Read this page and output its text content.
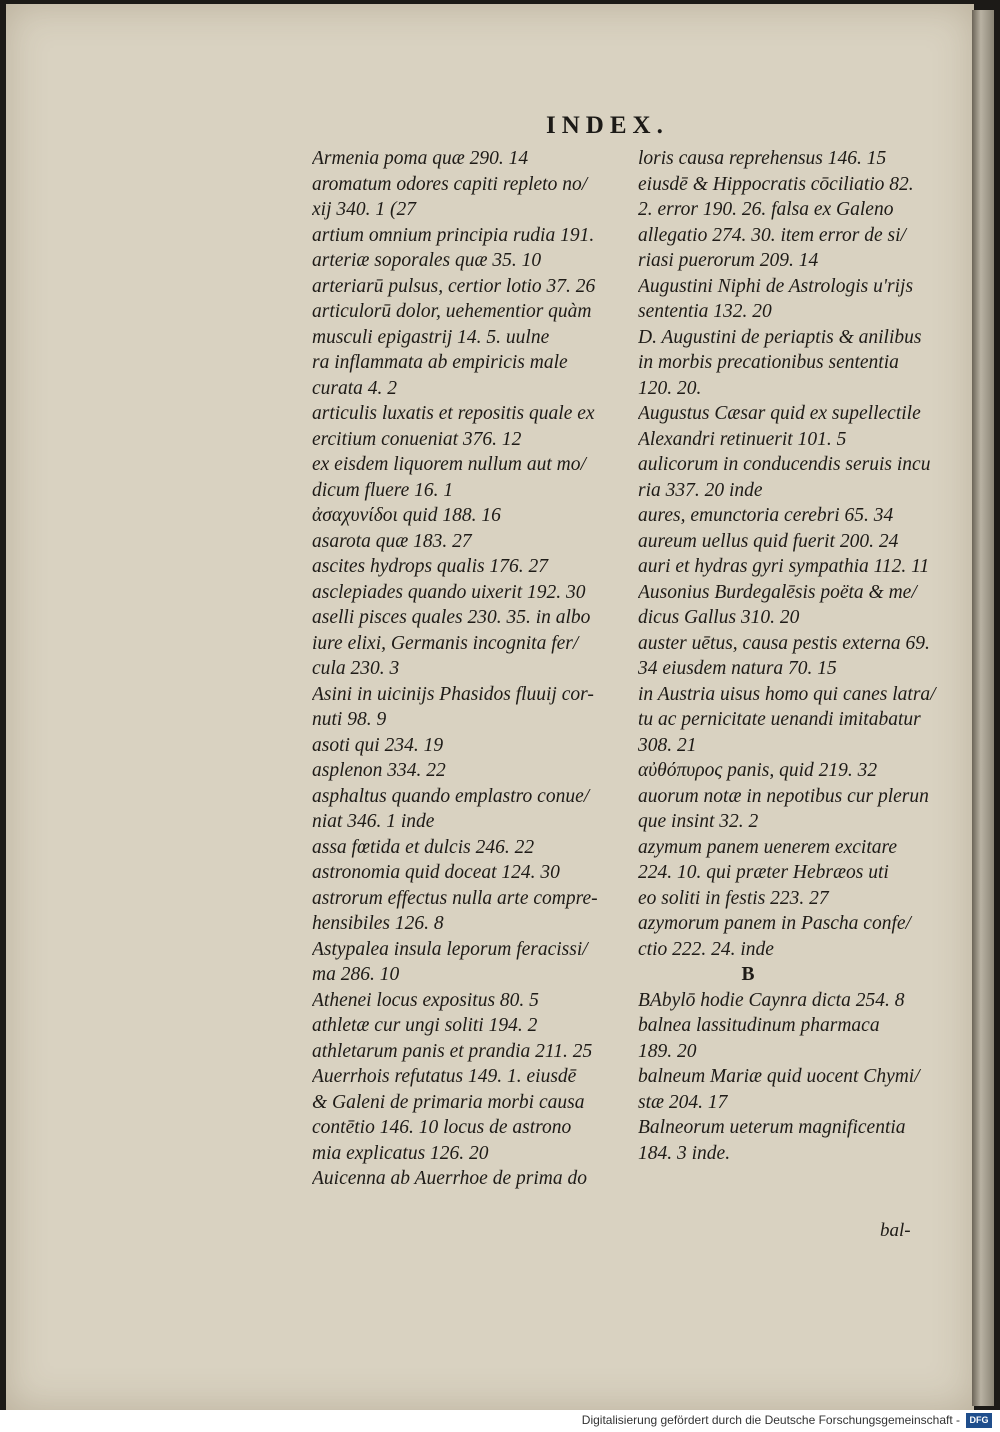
INDEX.
Armenia poma quæ 290. 14
aromatum odores capiti repleto no/
xij 340. 1 (27
artium omnium principia rudia 191.
arteriæ soporales quæ 35. 10
arteriarū pulsus, certior lotio 37. 26
articulorū dolor, uehementior quàm
musculi epigastrij 14. 5. uulne
ra inflammata ab empiricis male
curata 4. 2
articulis luxatis et repositis quale ex
ercitium conueniat 376. 12
ex eisdem liquorem nullum aut mo/
dicum fluere 16. 1
ἀσαχυνίδοι quid 188. 16
asarota quæ 183. 27
ascites hydrops qualis 176. 27
asclepiades quando uixerit 192. 30
aselli pisces quales 230. 35. in albo
iure elixi, Germanis incognita fer/
cula 230. 3
Asini in uicinijs Phasidos fluuij cor-
nuti 98. 9
asoti qui 234. 19
asplenon 334. 22
asphaltus quando emplastro conue/
niat 346. 1 inde
assa fœtida et dulcis 246. 22
astronomia quid doceat 124. 30
astrorum effectus nulla arte compre-
hensibiles 126. 8
Astypalea insula leporum feracissi/
ma 286. 10
Athenei locus expositus 80. 5
athletæ cur ungi soliti 194. 2
athletarum panis et prandia 211. 25
Auerrhois refutatus 149. 1. eiusdē
& Galeni de primaria morbi causa
contētio 146. 10 locus de astrono
mia explicatus 126. 20
Auicenna ab Auerrhoe de prima do
loris causa reprehensus 146. 15
eiusdē & Hippocratis cōciliatio 82.
2. error 190. 26. falsa ex Galeno
allegatio 274. 30. item error de si/
riasi puerorum 209. 14
Augustini Niphi de Astrologis u'rijs
sententia 132. 20
D. Augustini de periaptis & anilibus
in morbis precationibus sententia
120. 20.
Augustus Cæsar quid ex supellectile
Alexandri retinuerit 101. 5
aulicorum in conducendis seruis incu
ria 337. 20 inde
aures, emunctoria cerebri 65. 34
aureum uellus quid fuerit 200. 24
auri et hydras gyri sympathia 112. 11
Ausonius Burdegalēsis poëta & me/
dicus Gallus 310. 20
auster uētus, causa pestis externa 69.
34 eiusdem natura 70. 15
in Austria uisus homo qui canes latra/
tu ac pernicitate uenandi imitabatur
308. 21
αὐθόπυρος panis, quid 219. 32
auorum notæ in nepotibus cur plerun
que insint 32. 2
azymum panem uenerem excitare
224. 10. qui præter Hebræos uti
eo soliti in festis 223. 27
azymorum panem in Pascha confe/
ctio 222. 24. inde
B
BAbylō hodie Caynra dicta 254. 8
balnea lassitudinum pharmaca
189. 20
balneum Mariæ quid uocent Chymi/
stæ 204. 17
Balneorum ueterum magnificentia
184. 3 inde.
bal-
Digitalisierung gefördert durch die Deutsche Forschungsgemeinschaft -	DFG
